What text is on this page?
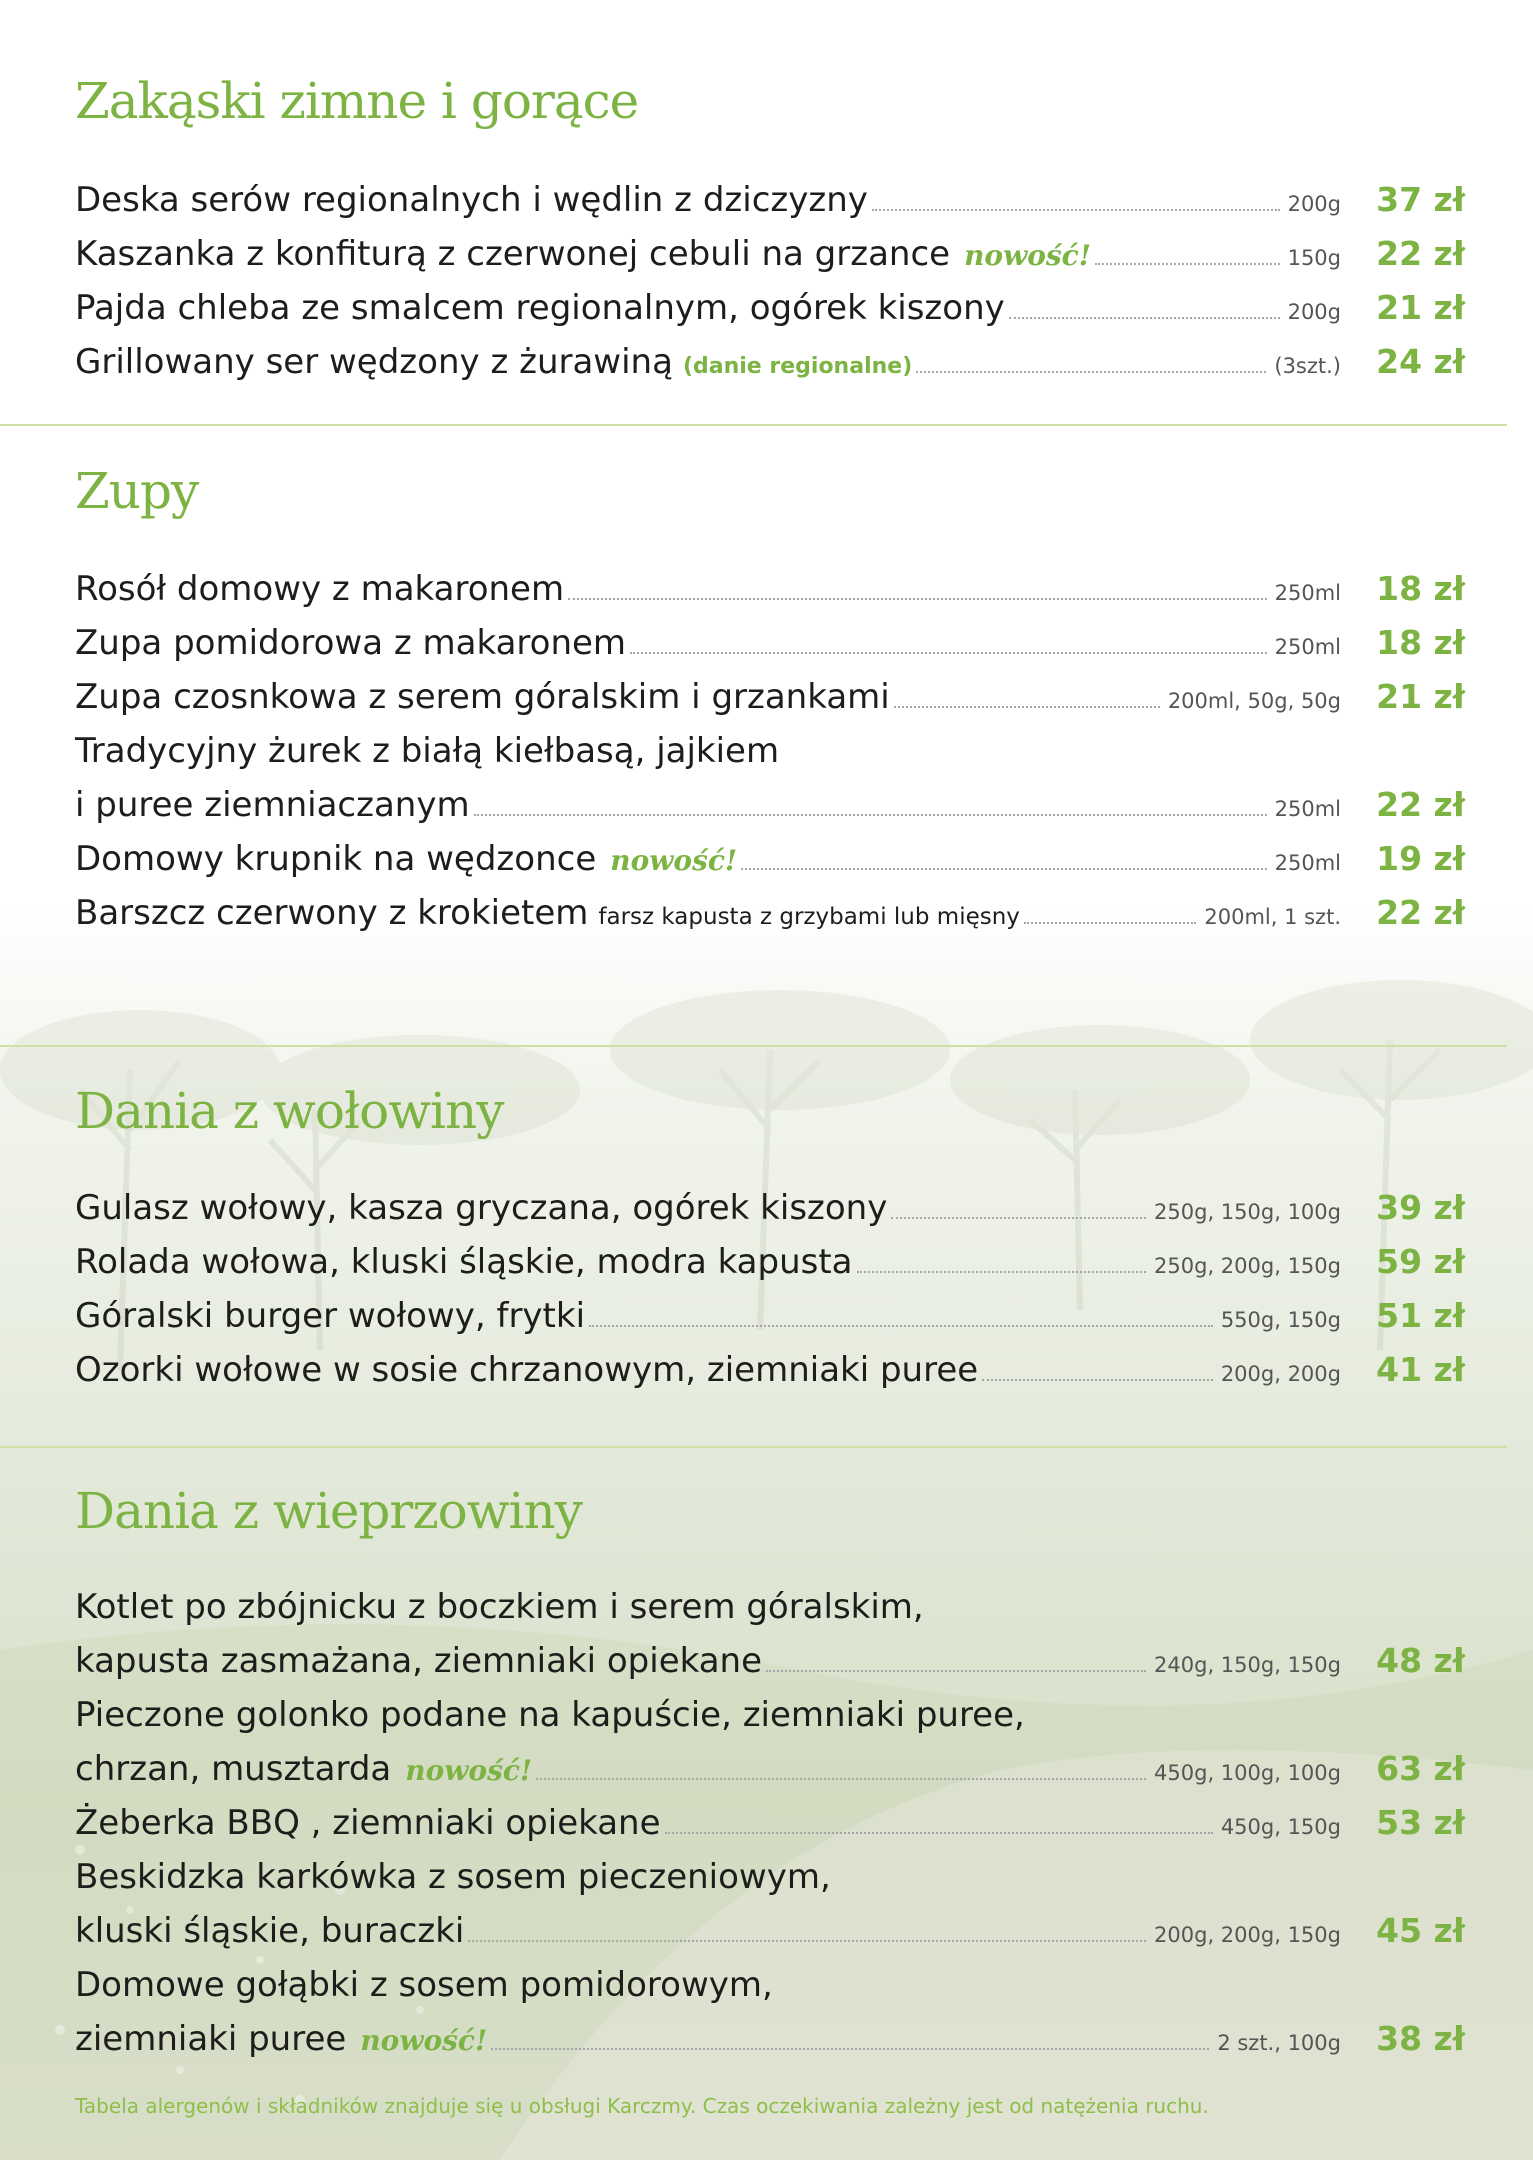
Zakąski zimne i gorące
Deska serów regionalnych i wędlin z dziczyzny	200g	37 zł
Kaszanka z konfiturą z czerwonej cebuli na grzance nowość!	150g	22 zł
Pajda chleba ze smalcem regionalnym, ogórek kiszony	200g	21 zł
Grillowany ser wędzony z żurawiną (danie regionalne)	(3szt.)	24 zł
Zupy
Rosół domowy z makaronem	250ml	18 zł
Zupa pomidorowa z makaronem	250ml	18 zł
Zupa czosnkowa z serem góralskim i grzankami	200ml, 50g, 50g	21 zł
Tradycyjny żurek z białą kiełbasą, jajkiem
i puree ziemniaczanym	250ml	22 zł
Domowy krupnik na wędzonce nowość!	250ml	19 zł
Barszcz czerwony z krokietem farsz kapusta z grzybami lub mięsny	200ml, 1 szt.	22 zł
Dania z wołowiny
Gulasz wołowy, kasza gryczana, ogórek kiszony	250g, 150g, 100g	39 zł
Rolada wołowa, kluski śląskie, modra kapusta	250g, 200g, 150g	59 zł
Góralski burger wołowy, frytki	550g, 150g	51 zł
Ozorki wołowe w sosie chrzanowym, ziemniaki puree	200g, 200g	41 zł
Dania z wieprzowiny
Kotlet po zbójnicku z boczkiem i serem góralskim,
kapusta zasmażana, ziemniaki opiekane	240g, 150g, 150g	48 zł
Pieczone golonko podane na kapuście, ziemniaki puree,
chrzan, musztarda nowość!	450g, 100g, 100g	63 zł
Żeberka BBQ , ziemniaki opiekane	450g, 150g	53 zł
Beskidzka karkówka z sosem pieczeniowym,
kluski śląskie, buraczki	200g, 200g, 150g	45 zł
Domowe gołąbki z sosem pomidorowym,
ziemniaki puree nowość!	2 szt., 100g	38 zł
Tabela alergenów i składników znajduje się u obsługi Karczmy. Czas oczekiwania zależny jest od natężenia ruchu.
